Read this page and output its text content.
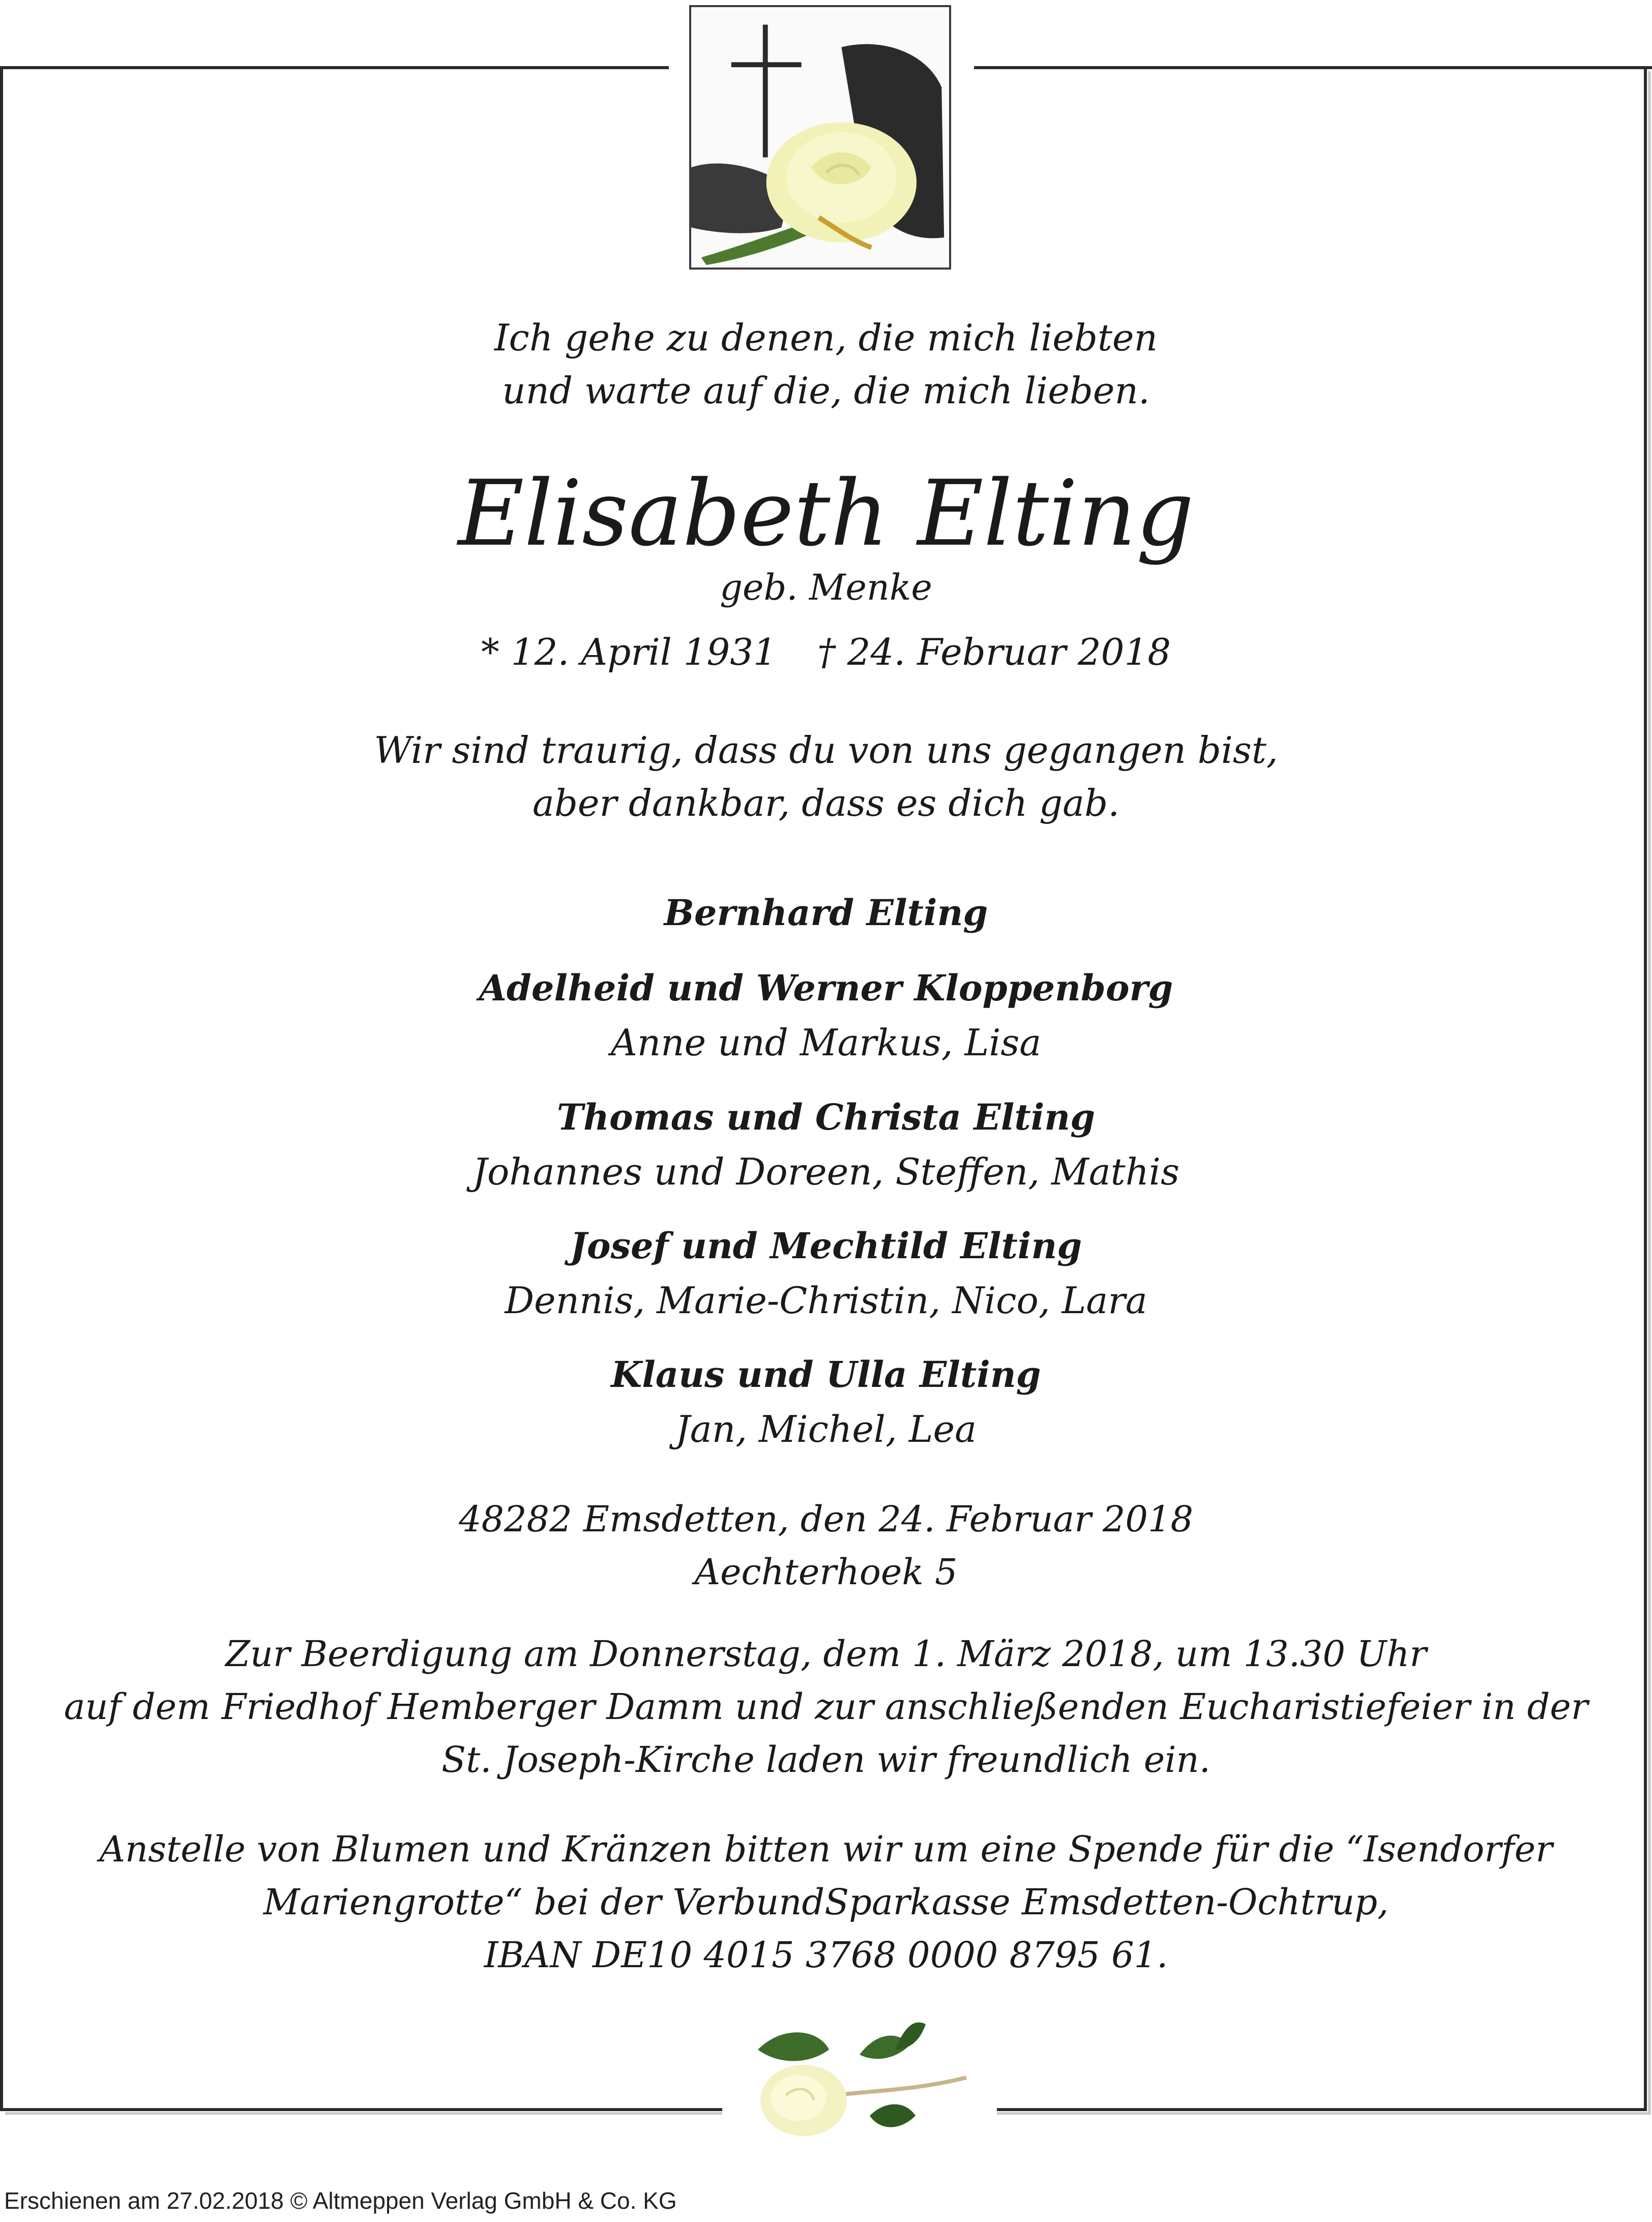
Ich gehe zu denen, die mich liebten
und warte auf die, die mich lieben.
Elisabeth Elting
geb. Menke
* 12. April 1931 † 24. Februar 2018
Wir sind traurig, dass du von uns gegangen bist,
aber dankbar, dass es dich gab.
Bernhard Elting
Adelheid und Werner Kloppenborg
Anne und Markus, Lisa
Thomas und Christa Elting
Johannes und Doreen, Steffen, Mathis
Josef und Mechtild Elting
Dennis, Marie-Christin, Nico, Lara
Klaus und Ulla Elting
Jan, Michel, Lea
48282 Emsdetten, den 24. Februar 2018
Aechterhoek 5
Zur Beerdigung am Donnerstag, dem 1. März 2018, um 13.30 Uhr
auf dem Friedhof Hemberger Damm und zur anschließenden Eucharistiefeier in der
St. Joseph-Kirche laden wir freundlich ein.
Anstelle von Blumen und Kränzen bitten wir um eine Spende für die “Isendorfer
Mariengrotte“ bei der VerbundSparkasse Emsdetten-Ochtrup,
IBAN DE10 4015 3768 0000 8795 61.
Erschienen am 27.02.2018 © Altmeppen Verlag GmbH & Co. KG
